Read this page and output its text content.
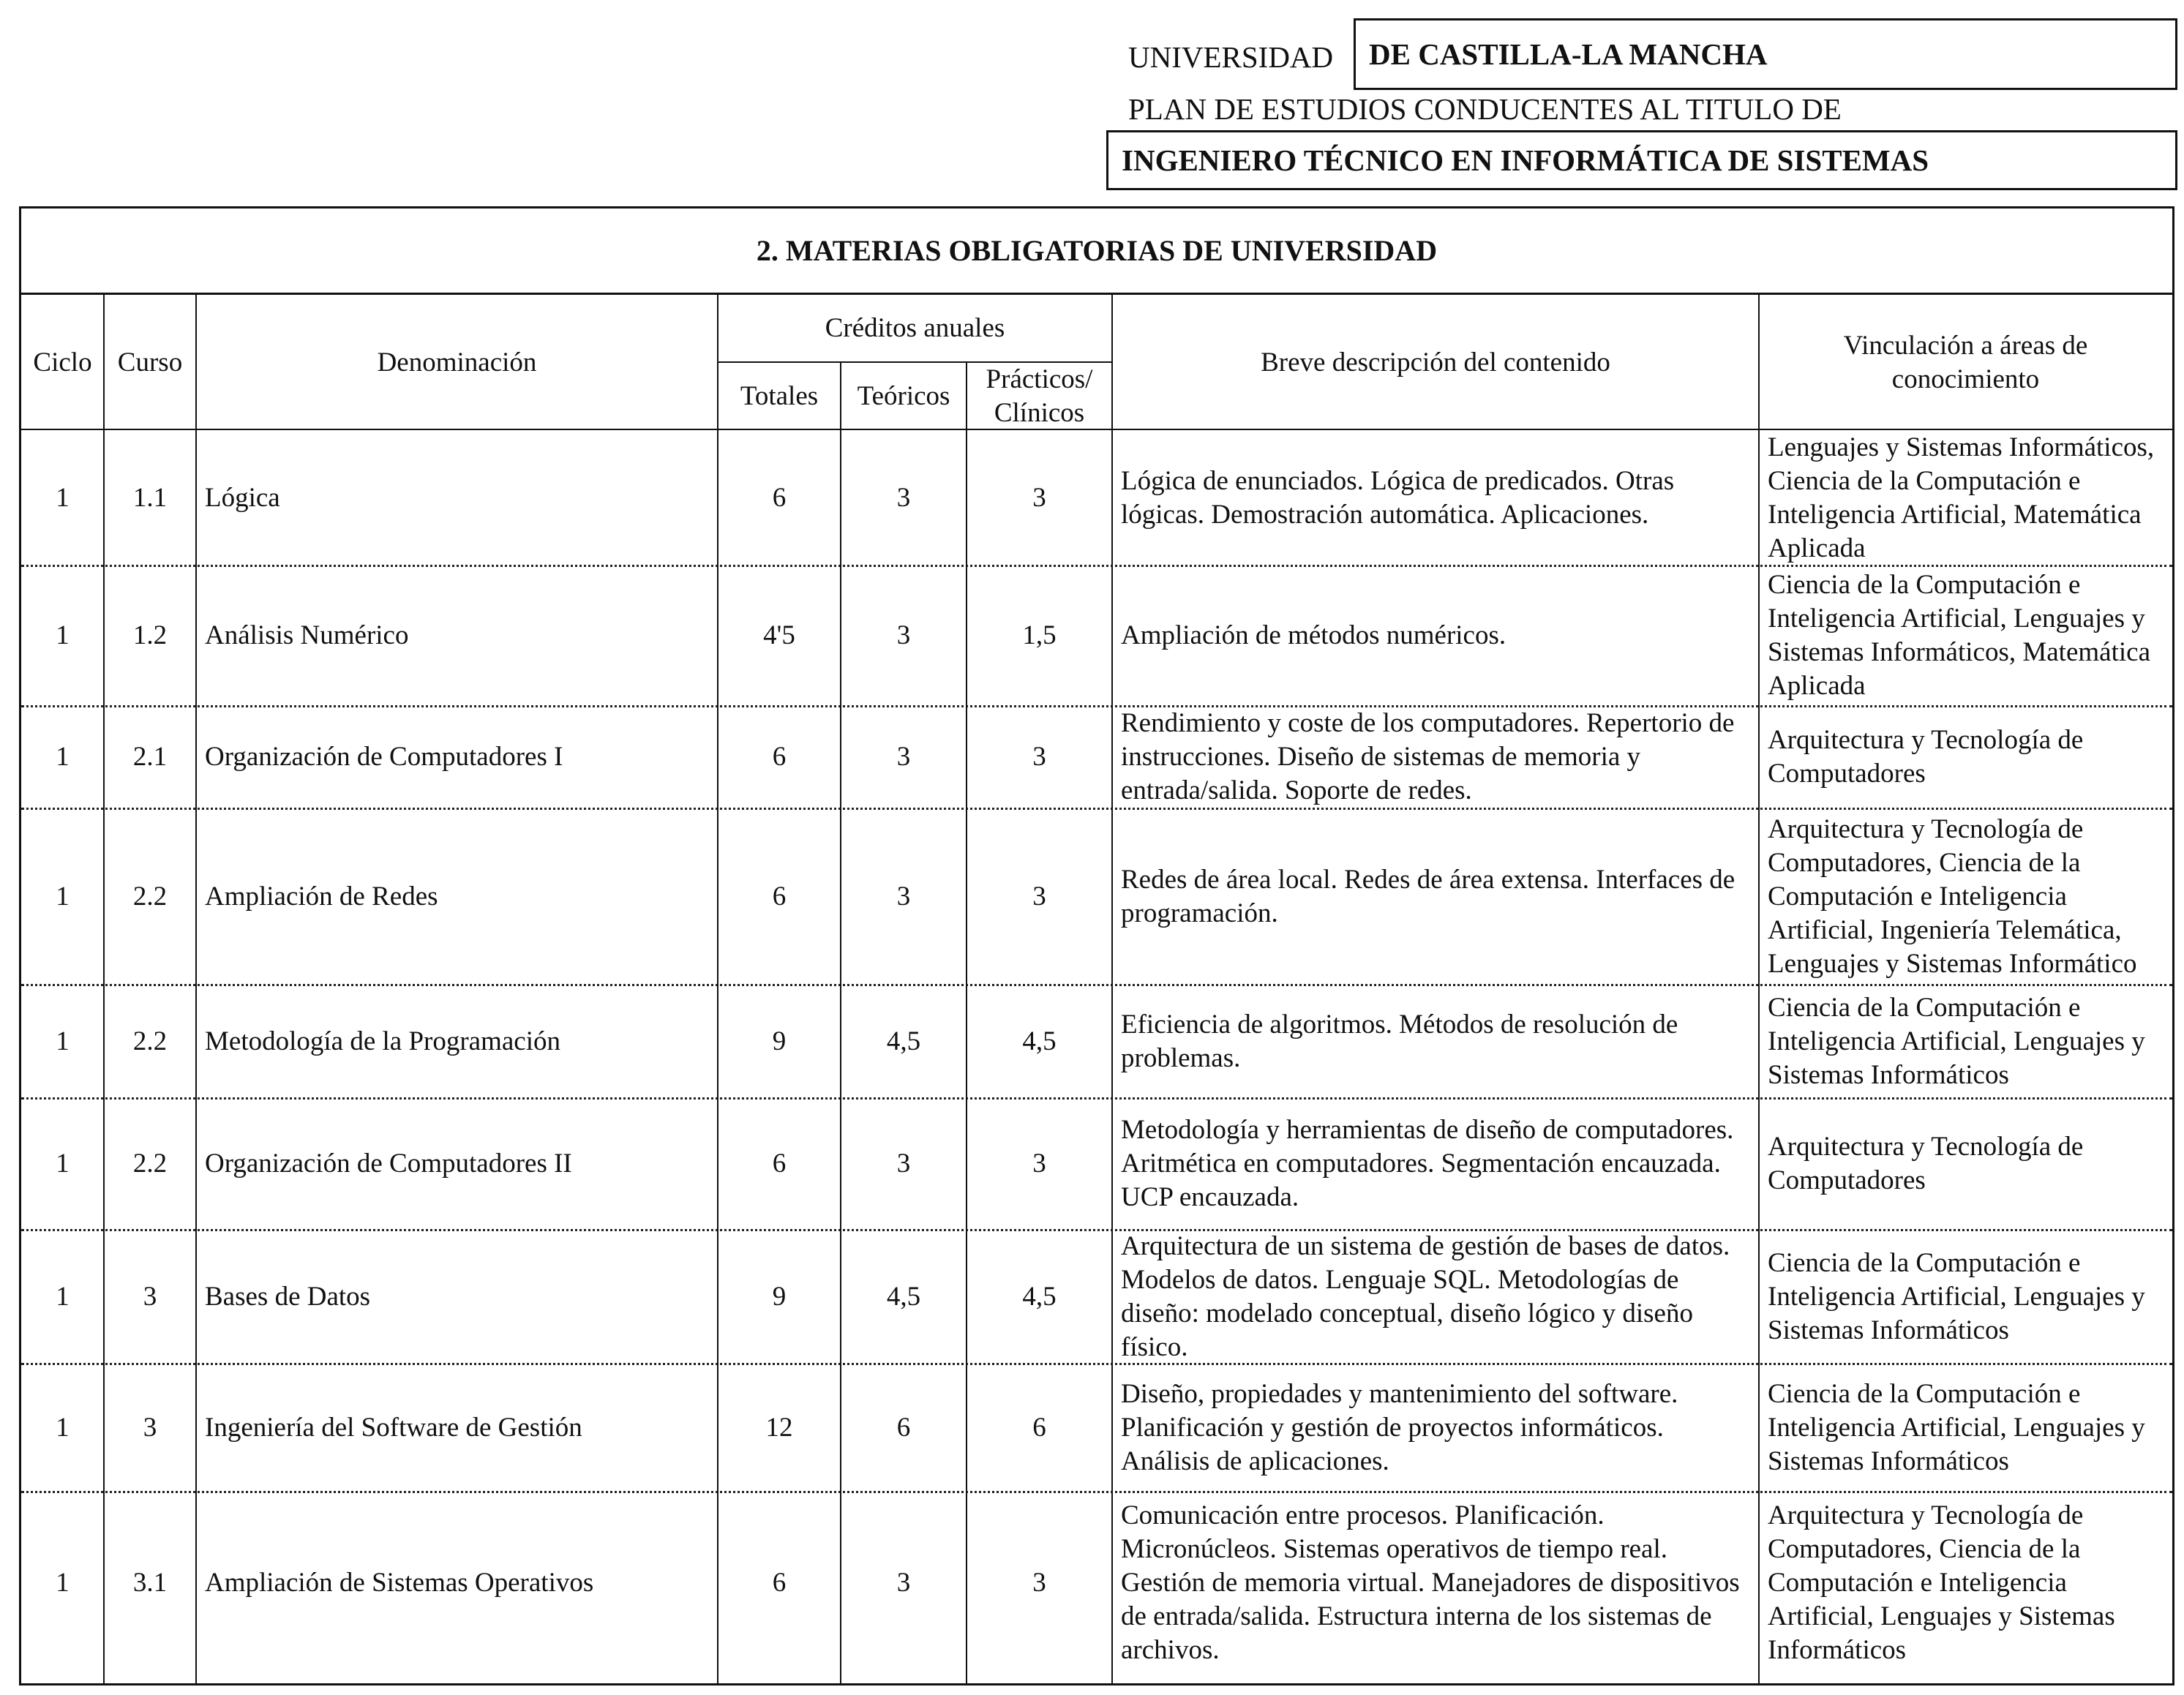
UNIVERSIDAD DE CASTILLA-LA MANCHA
PLAN DE ESTUDIOS CONDUCENTES AL TITULO DE
INGENIERO TÉCNICO EN INFORMÁTICA DE SISTEMAS
2. MATERIAS OBLIGATORIAS DE UNIVERSIDAD
Ciclo Curso	Denominación
Créditos anuales
Totales	Teóricos
Prácticos/ Clínicos
Breve descripción del contenido
Vinculación a áreas de conocimiento
1 1.1 Lógica	6	3	3
Lógica de enunciados. Lógica de predicados. Otras lógicas. Demostración automática. Aplicaciones.
Lenguajes y Sistemas Informáticos, Ciencia de la Computación e Inteligencia Artificial, Matemática Aplicada
1 1.2 Análisis Numérico	4'5	3	1,5 Ampliación de métodos numéricos.
Ciencia de la Computación e Inteligencia Artificial, Lenguajes y Sistemas Informáticos, Matemática Aplicada
1 2.1 Organización de Computadores I	6	3	3
Rendimiento y coste de los computadores. Repertorio de instrucciones. Diseño de sistemas de memoria y entrada/salida. Soporte de redes.
Arquitectura y Tecnología de Computadores
1 2.2 Ampliación de Redes	6	3	3
Redes de área local. Redes de área extensa. Interfaces de programación.
Arquitectura y Tecnología de Computadores, Ciencia de la Computación e Inteligencia Artificial, Ingeniería Telemática, Lenguajes y Sistemas Informático
1 2.2 Metodología de la Programación	9	4,5	4,5
Eficiencia de algoritmos. Métodos de resolución de problemas.
Ciencia de la Computación e Inteligencia Artificial, Lenguajes y Sistemas Informáticos
1 2.2 Organización de Computadores II	6	3	3
Metodología y herramientas de diseño de computadores. Aritmética en computadores. Segmentación encauzada. UCP encauzada.
Arquitectura y Tecnología de Computadores
1	3 Bases de Datos	9	4,5	4,5
Arquitectura de un sistema de gestión de bases de datos. Modelos de datos. Lenguaje SQL. Metodologías de diseño: modelado conceptual, diseño lógico y diseño físico.
Ciencia de la Computación e Inteligencia Artificial, Lenguajes y Sistemas Informáticos
1	3 Ingeniería del Software de Gestión	12	6	6
Diseño, propiedades y mantenimiento del software. Planificación y gestión de proyectos informáticos. Análisis de aplicaciones.
Ciencia de la Computación e Inteligencia Artificial, Lenguajes y Sistemas Informáticos
1 3.1 Ampliación de Sistemas Operativos	6	3	3
Comunicación entre procesos. Planificación. Micronúcleos. Sistemas operativos de tiempo real. Gestión de memoria virtual. Manejadores de dispositivos de entrada/salida. Estructura interna de los sistemas de archivos.
Arquitectura y Tecnología de Computadores, Ciencia de la Computación e Inteligencia Artificial, Lenguajes y Sistemas Informáticos
